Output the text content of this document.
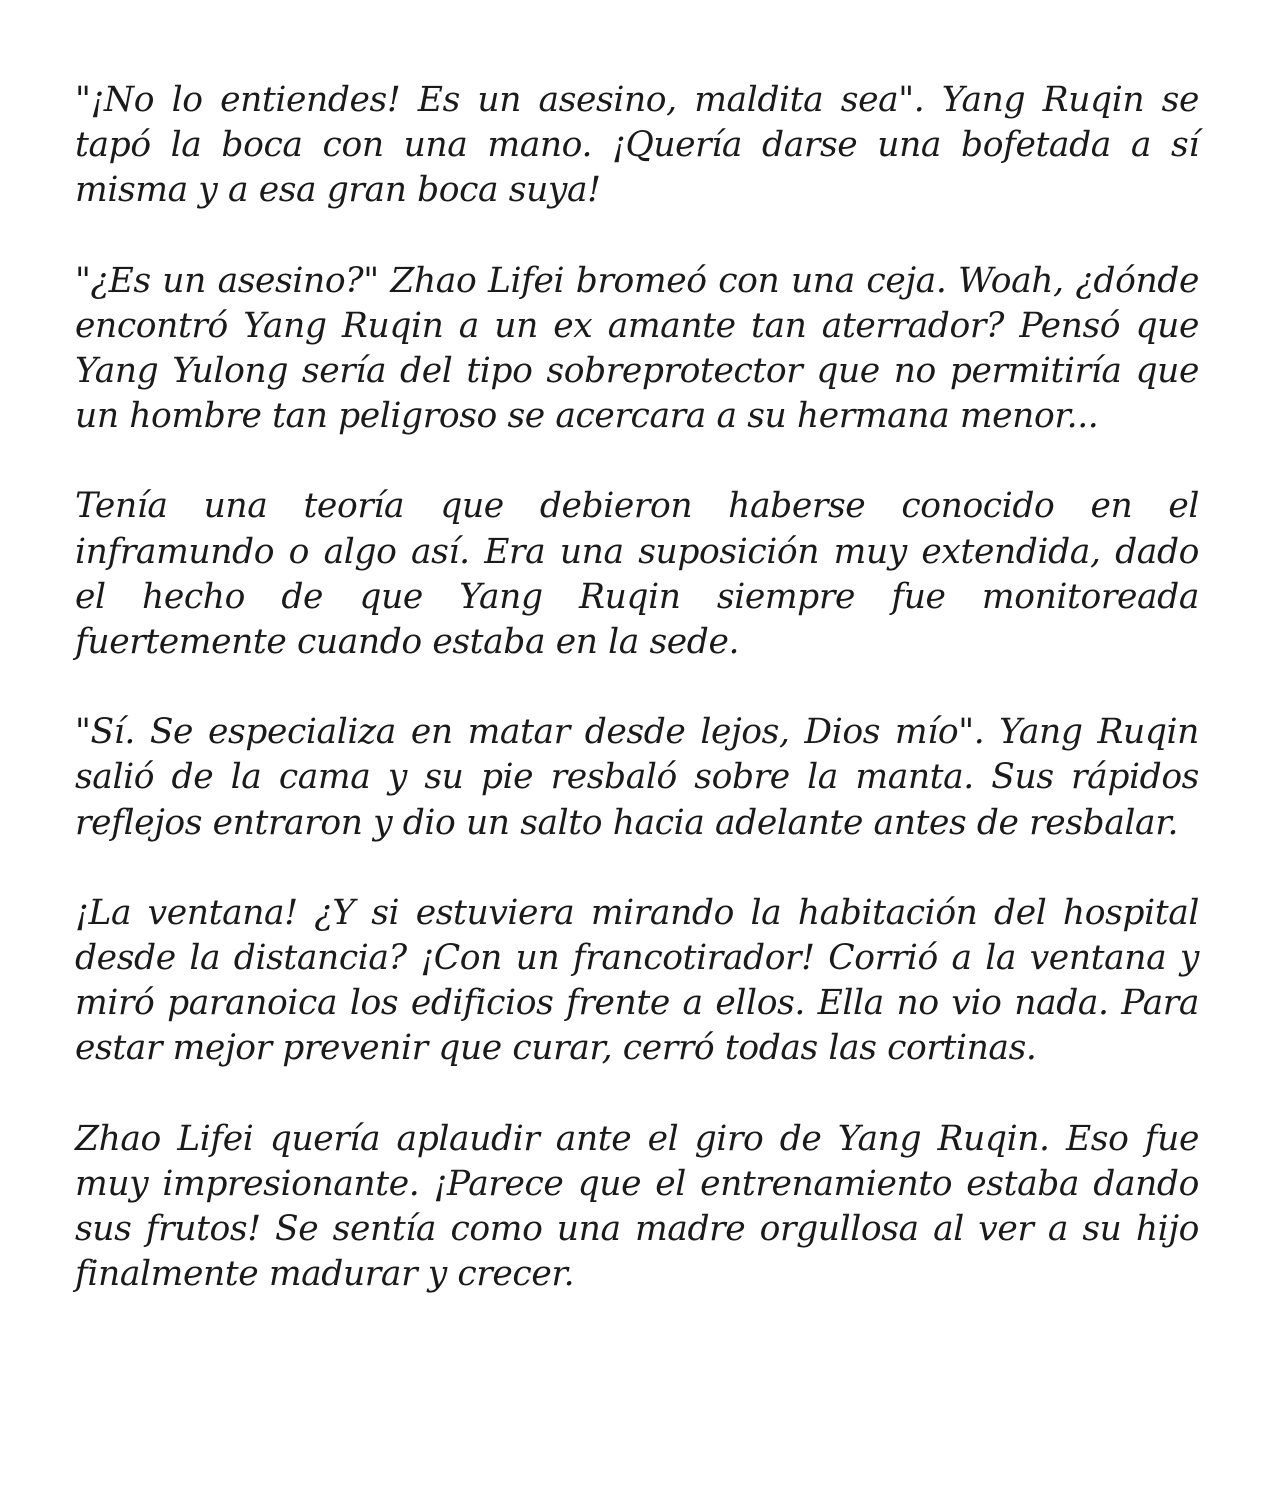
"¡No lo entiendes! Es un asesino, maldita sea". Yang Ruqin se tapó la boca con una mano. ¡Quería darse una bofetada a sí misma y a esa gran boca suya!

"¿Es un asesino?" Zhao Lifei bromeó con una ceja. Woah, ¿dónde encontró Yang Ruqin a un ex amante tan aterrador? Pensó que Yang Yulong sería del tipo sobreprotector que no permitiría que un hombre tan peligroso se acercara a su hermana menor...

Tenía una teoría que debieron haberse conocido en el inframundo o algo así. Era una suposición muy extendida, dado el hecho de que Yang Ruqin siempre fue monitoreada fuertemente cuando estaba en la sede.

"Sí. Se especializa en matar desde lejos, Dios mío". Yang Ruqin salió de la cama y su pie resbaló sobre la manta. Sus rápidos reflejos entraron y dio un salto hacia adelante antes de resbalar.

¡La ventana! ¿Y si estuviera mirando la habitación del hospital desde la distancia? ¡Con un francotirador! Corrió a la ventana y miró paranoica los edificios frente a ellos. Ella no vio nada. Para estar mejor prevenir que curar, cerró todas las cortinas.

Zhao Lifei quería aplaudir ante el giro de Yang Ruqin. Eso fue muy impresionante. ¡Parece que el entrenamiento estaba dando sus frutos! Se sentía como una madre orgullosa al ver a su hijo finalmente madurar y crecer.
